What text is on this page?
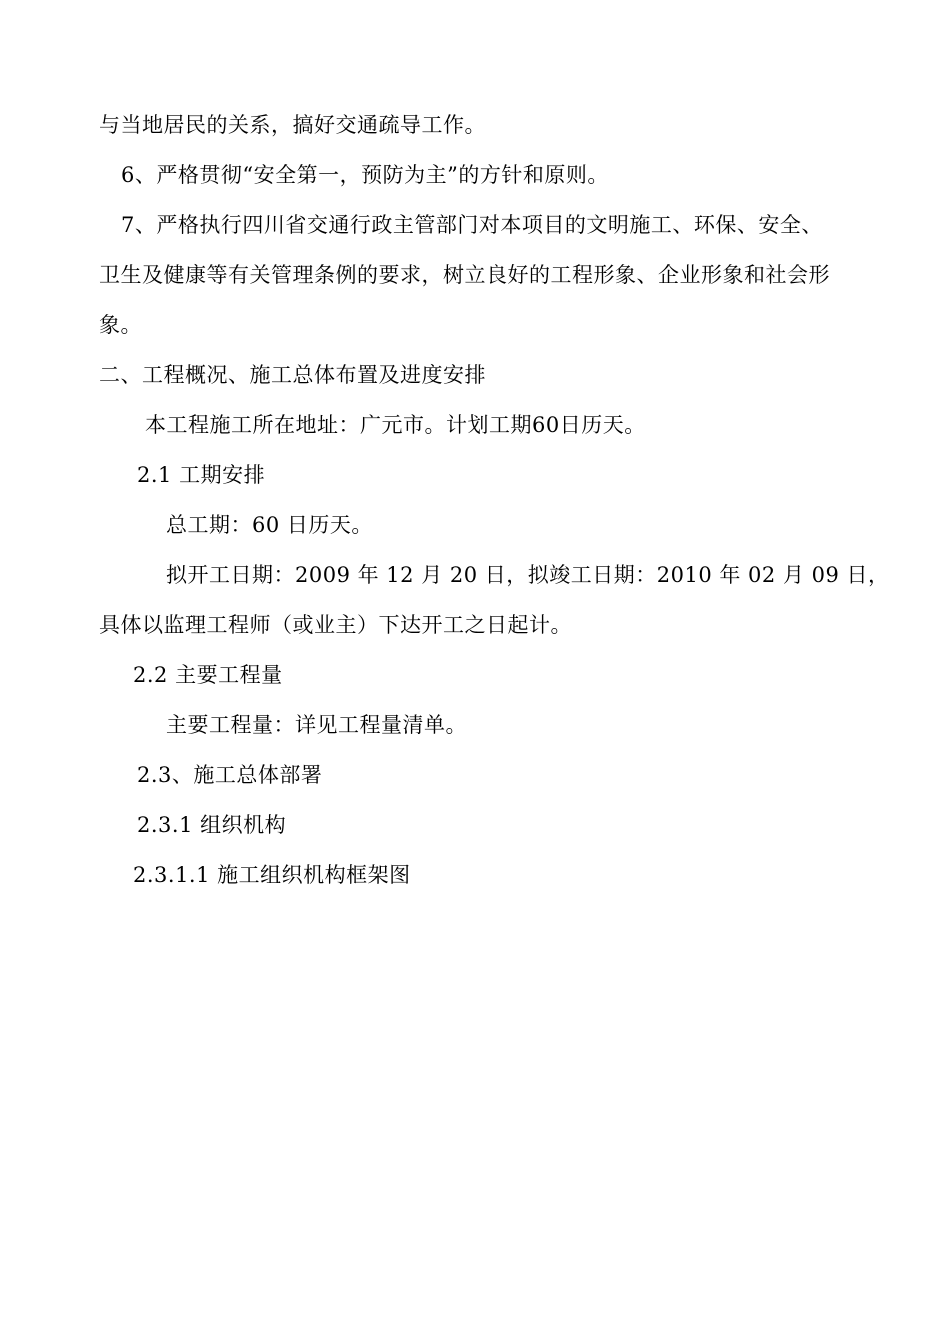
与当地居民的关系，搞好交通疏导工作。
6、严格贯彻“安全第一，预防为主”的方针和原则。
7、严格执行四川省交通行政主管部门对本项目的文明施工、环保、安全、
卫生及健康等有关管理条例的要求，树立良好的工程形象、企业形象和社会形
象。
二、工程概况、施工总体布置及进度安排
本工程施工所在地址：广元市。计划工期60日历天。
2.1 工期安排
总工期：60 日历天。
拟开工日期：2009 年 12 月 20 日，拟竣工日期：2010 年 02 月 09 日，
具体以监理工程师（或业主）下达开工之日起计。
2.2 主要工程量
主要工程量：详见工程量清单。
2.3、施工总体部署
2.3.1 组织机构
2.3.1.1 施工组织机构框架图
